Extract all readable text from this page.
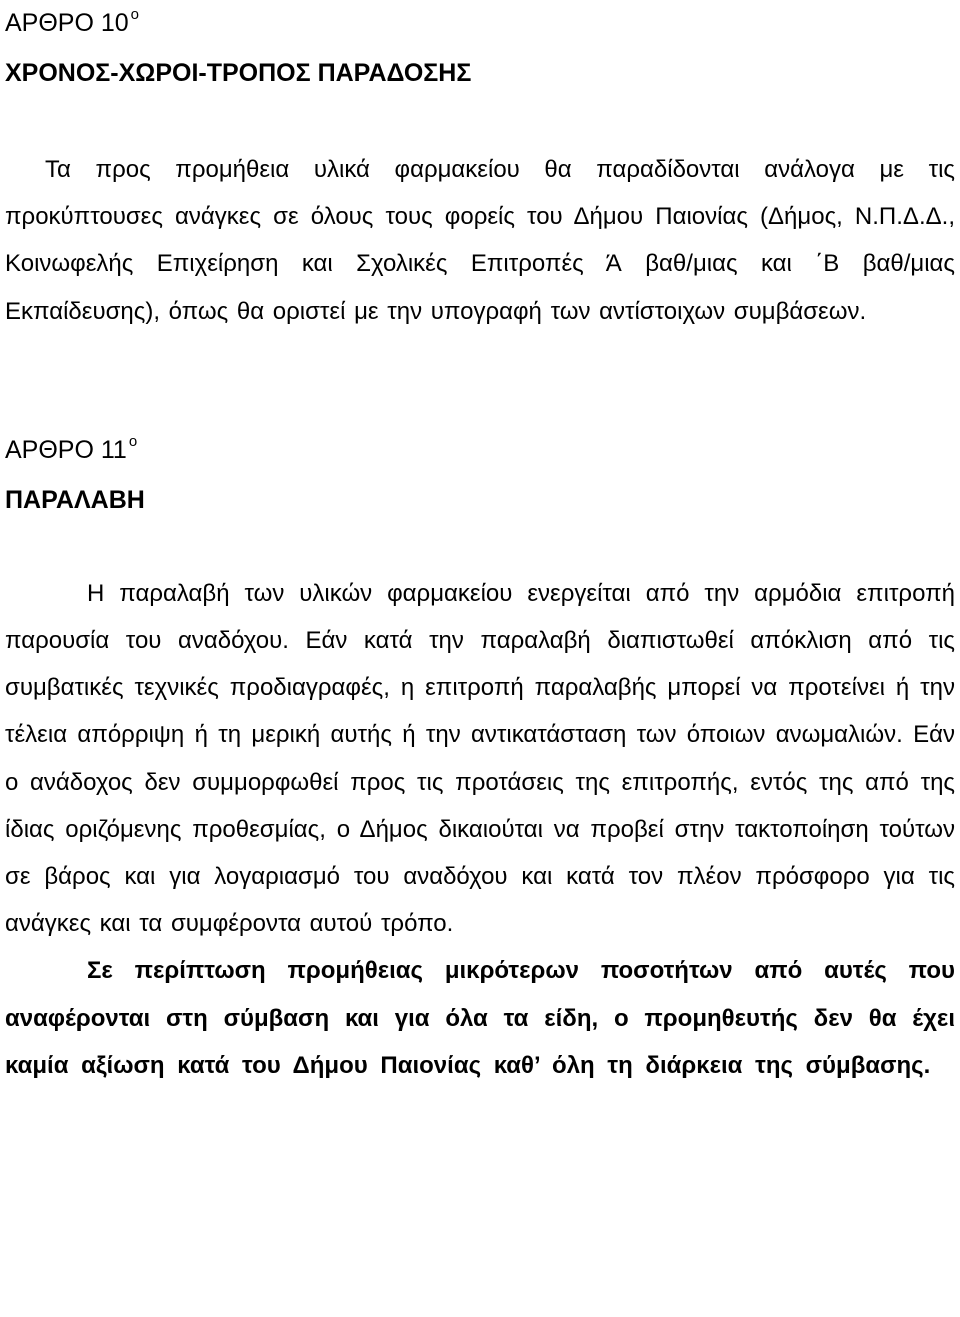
ΑΡΘΡΟ 10 $^o$
ΧΡΟΝΟΣ-ΧΩΡΟΙ-ΤΡΟΠΟΣ ΠΑΡΑΔΟΣΗΣ

Τα προς προμήθεια υλικά φαρμακείου θα παραδίδονται ανάλογα με τις προκύπτουσες ανάγκες σε όλους τους φορείς του Δήμου Παιονίας (Δήμος, Ν.Π.Δ.Δ., Κοινωφελής Επιχείρηση και Σχολικές Επιτροπές Ά βαθ/μιας και ΄Β βαθ/μιας Εκπαίδευσης), όπως θα οριστεί με την υπογραφή των αντίστοιχων συμβάσεων.

ΑΡΘΡΟ 11 $^o$
ΠΑΡΑΛΑΒΗ

Η παραλαβή των υλικών φαρμακείου ενεργείται από την αρμόδια επιτροπή παρουσία του αναδόχου. Εάν κατά την παραλαβή διαπιστωθεί απόκλιση από τις συμβατικές τεχνικές προδιαγραφές, η επιτροπή παραλαβής μπορεί να προτείνει ή την τέλεια απόρριψη ή τη μερική αυτής ή την αντικατάσταση των όποιων ανωμαλιών. Εάν ο ανάδοχος δεν συμμορφωθεί προς τις προτάσεις της επιτροπής, εντός της από της ίδιας οριζόμενης προθεσμίας, ο Δήμος δικαιούται να προβεί στην τακτοποίηση τούτων σε βάρος και για λογαριασμό του αναδόχου και κατά τον πλέον πρόσφορο για τις ανάγκες και τα συμφέροντα αυτού τρόπο.

Σε περίπτωση προμήθειας μικρότερων ποσοτήτων από αυτές που αναφέρονται στη σύμβαση και για όλα τα είδη, ο προμηθευτής δεν θα έχει καμία αξίωση κατά του Δήμου Παιονίας καθ’ όλη τη διάρκεια της σύμβασης.
